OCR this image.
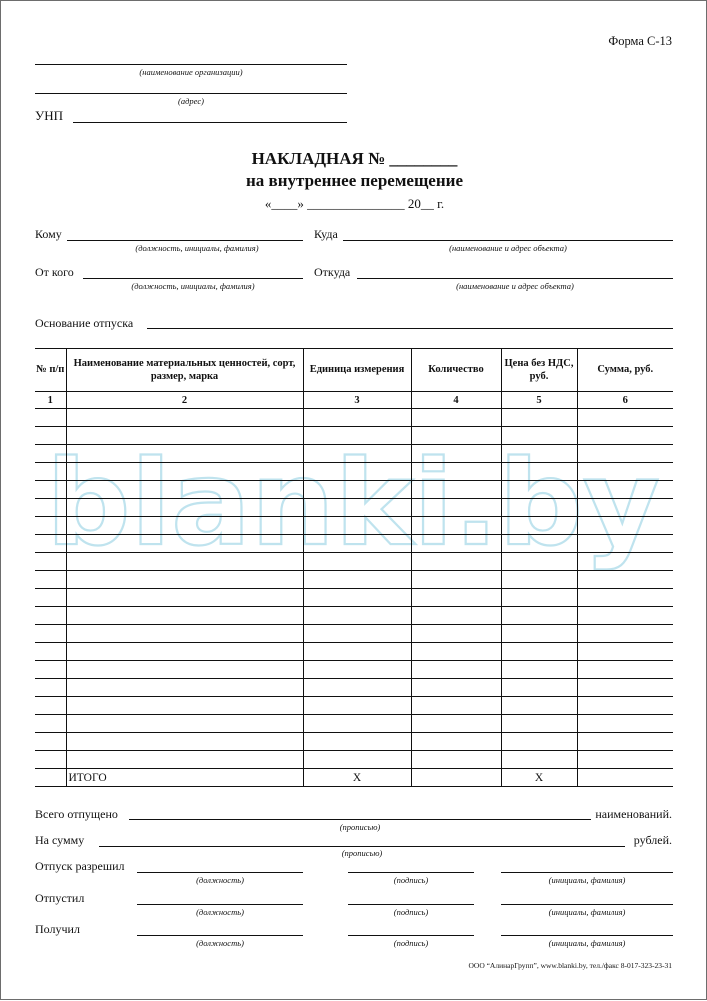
blanki.by
Форма С-13
(наименование организации)
(адрес)
УНП
НАКЛАДНАЯ № ________
на внутреннее перемещение
«____» _______________ 20__ г.
Кому
(должность, инициалы, фамилия)
Куда
(наименование и адрес объекта)
От кого
(должность, инициалы, фамилия)
Откуда
(наименование и адрес объекта)
Основание отпуска
№ п/п	Наименование материальных ценностей, сорт, размер, марка	Единица измерения	Количество	Цена без НДС, руб.	Сумма, руб.
1	2	3	4	5	6

	ИТОГО	Х		Х	
Всего отпущено
(прописью)
наименований.
На сумму
(прописью)
рублей.
Отпуск разрешил
(должность)	(подпись)	(инициалы, фамилия)
Отпустил
(должность)	(подпись)	(инициалы, фамилия)
Получил
(должность)	(подпись)	(инициалы, фамилия)
ООО “АлинарГрупп”, www.blanki.by, тел./факс 8-017-323-23-31
